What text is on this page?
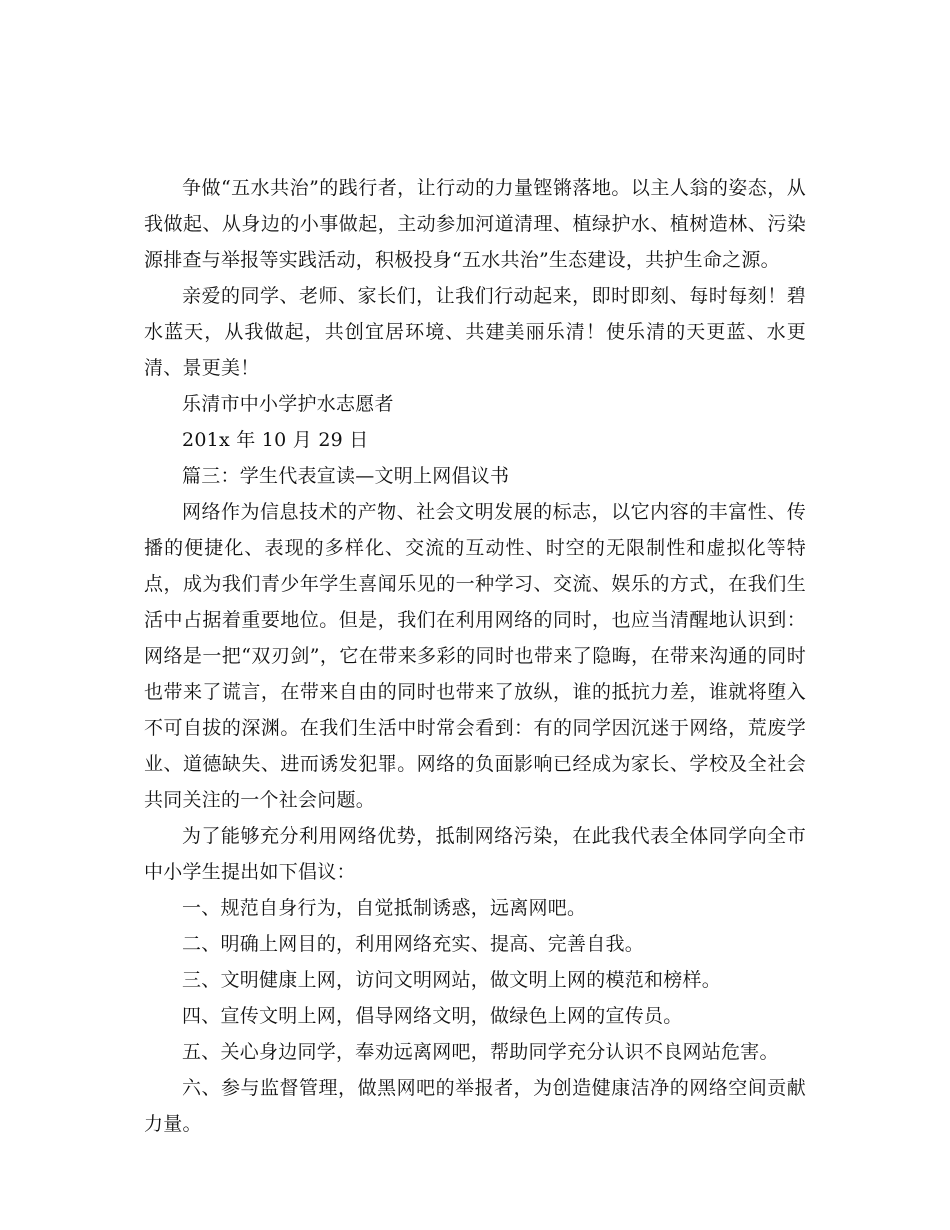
争做“五水共治”的践行者，让行动的力量铿锵落地。以主人翁的姿态，从我做起、从身边的小事做起，主动参加河道清理、植绿护水、植树造林、污染源排查与举报等实践活动，积极投身“五水共治”生态建设，共护生命之源。

亲爱的同学、老师、家长们，让我们行动起来，即时即刻、每时每刻！碧水蓝天，从我做起，共创宜居环境、共建美丽乐清！使乐清的天更蓝、水更清、景更美！

乐清市中小学护水志愿者

201x 年 10 月 29 日

篇三：学生代表宣读—文明上网倡议书

网络作为信息技术的产物、社会文明发展的标志，以它内容的丰富性、传播的便捷化、表现的多样化、交流的互动性、时空的无限制性和虚拟化等特点，成为我们青少年学生喜闻乐见的一种学习、交流、娱乐的方式，在我们生活中占据着重要地位。但是，我们在利用网络的同时，也应当清醒地认识到：网络是一把“双刃剑”，它在带来多彩的同时也带来了隐晦，在带来沟通的同时也带来了谎言，在带来自由的同时也带来了放纵，谁的抵抗力差，谁就将堕入不可自拔的深渊。在我们生活中时常会看到：有的同学因沉迷于网络，荒废学业、道德缺失、进而诱发犯罪。网络的负面影响已经成为家长、学校及全社会共同关注的一个社会问题。

为了能够充分利用网络优势，抵制网络污染，在此我代表全体同学向全市中小学生提出如下倡议：

一、规范自身行为，自觉抵制诱惑，远离网吧。

二、明确上网目的，利用网络充实、提高、完善自我。

三、文明健康上网，访问文明网站，做文明上网的模范和榜样。

四、宣传文明上网，倡导网络文明，做绿色上网的宣传员。

五、关心身边同学，奉劝远离网吧，帮助同学充分认识不良网站危害。

六、参与监督管理，做黑网吧的举报者，为创造健康洁净的网络空间贡献力量。
